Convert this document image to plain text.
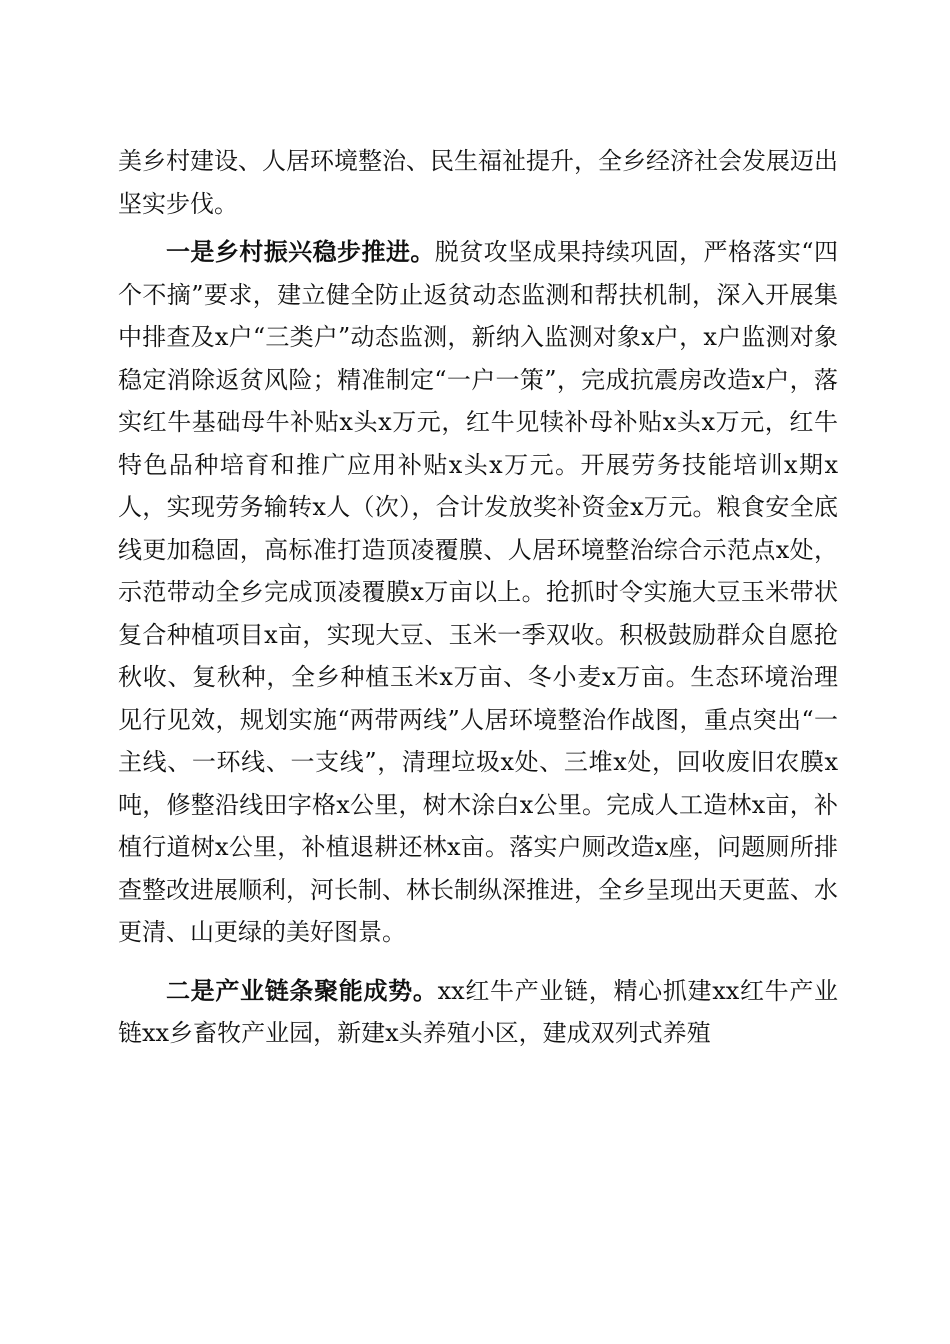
美乡村建设、人居环境整治、民生福祉提升，全乡经济社会发展迈出坚实步伐。

一是乡村振兴稳步推进。脱贫攻坚成果持续巩固，严格落实“四个不摘”要求，建立健全防止返贫动态监测和帮扶机制，深入开展集中排查及x户“三类户”动态监测，新纳入监测对象x户，x户监测对象稳定消除返贫风险；精准制定“一户一策”，完成抗震房改造x户，落实红牛基础母牛补贴x头x万元，红牛见犊补母补贴x头x万元，红牛特色品种培育和推广应用补贴x头x万元。开展劳务技能培训x期x人，实现劳务输转x人（次），合计发放奖补资金x万元。粮食安全底线更加稳固，高标准打造顶凌覆膜、人居环境整治综合示范点x处，示范带动全乡完成顶凌覆膜x万亩以上。抢抓时令实施大豆玉米带状复合种植项目x亩，实现大豆、玉米一季双收。积极鼓励群众自愿抢秋收、复秋种，全乡种植玉米x万亩、冬小麦x万亩。生态环境治理见行见效，规划实施“两带两线”人居环境整治作战图，重点突出“一主线、一环线、一支线”，清理垃圾x处、三堆x处，回收废旧农膜x吨，修整沿线田字格x公里，树木涂白x公里。完成人工造林x亩，补植行道树x公里，补植退耕还林x亩。落实户厕改造x座，问题厕所排查整改进展顺利，河长制、林长制纵深推进，全乡呈现出天更蓝、水更清、山更绿的美好图景。

二是产业链条聚能成势。xx红牛产业链，精心抓建xx红牛产业链xx乡畜牧产业园，新建x头养殖小区，建成双列式养殖
